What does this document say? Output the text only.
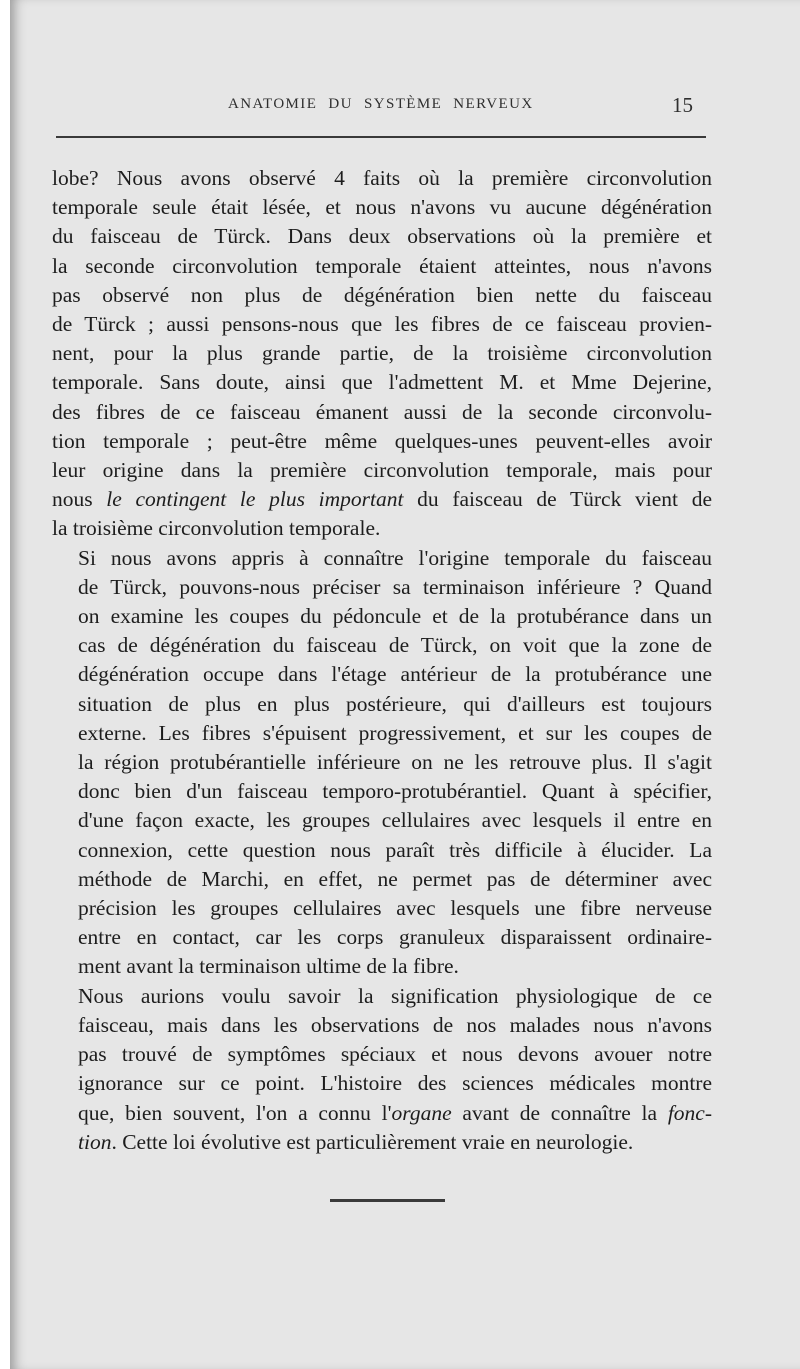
ANATOMIE DU SYSTÈME NERVEUX	15

lobe? Nous avons observé 4 faits où la première circonvolution
temporale seule était lésée, et nous n'avons vu aucune dégénération
du faisceau de Türck. Dans deux observations où la première et
la seconde circonvolution temporale étaient atteintes, nous n'avons
pas observé non plus de dégénération bien nette du faisceau
de Türck ; aussi pensons-nous que les fibres de ce faisceau provien-
nent, pour la plus grande partie, de la troisième circonvolution
temporale. Sans doute, ainsi que l'admettent M. et Mme Dejerine,
des fibres de ce faisceau émanent aussi de la seconde circonvolu-
tion temporale ; peut-être même quelques-unes peuvent-elles avoir
leur origine dans la première circonvolution temporale, mais pour
nous le contingent le plus important du faisceau de Türck vient de
la troisième circonvolution temporale.

Si nous avons appris à connaître l'origine temporale du faisceau
de Türck, pouvons-nous préciser sa terminaison inférieure ? Quand
on examine les coupes du pédoncule et de la protubérance dans un
cas de dégénération du faisceau de Türck, on voit que la zone de
dégénération occupe dans l'étage antérieur de la protubérance une
situation de plus en plus postérieure, qui d'ailleurs est toujours
externe. Les fibres s'épuisent progressivement, et sur les coupes de
la région protubérantielle inférieure on ne les retrouve plus. Il s'agit
donc bien d'un faisceau temporo-protubérantiel. Quant à spécifier,
d'une façon exacte, les groupes cellulaires avec lesquels il entre en
connexion, cette question nous paraît très difficile à élucider. La
méthode de Marchi, en effet, ne permet pas de déterminer avec
précision les groupes cellulaires avec lesquels une fibre nerveuse
entre en contact, car les corps granuleux disparaissent ordinaire-
ment avant la terminaison ultime de la fibre.

Nous aurions voulu savoir la signification physiologique de ce
faisceau, mais dans les observations de nos malades nous n'avons
pas trouvé de symptômes spéciaux et nous devons avouer notre
ignorance sur ce point. L'histoire des sciences médicales montre
que, bien souvent, l'on a connu l'organe avant de connaître la fonc-
tion. Cette loi évolutive est particulièrement vraie en neurologie.
